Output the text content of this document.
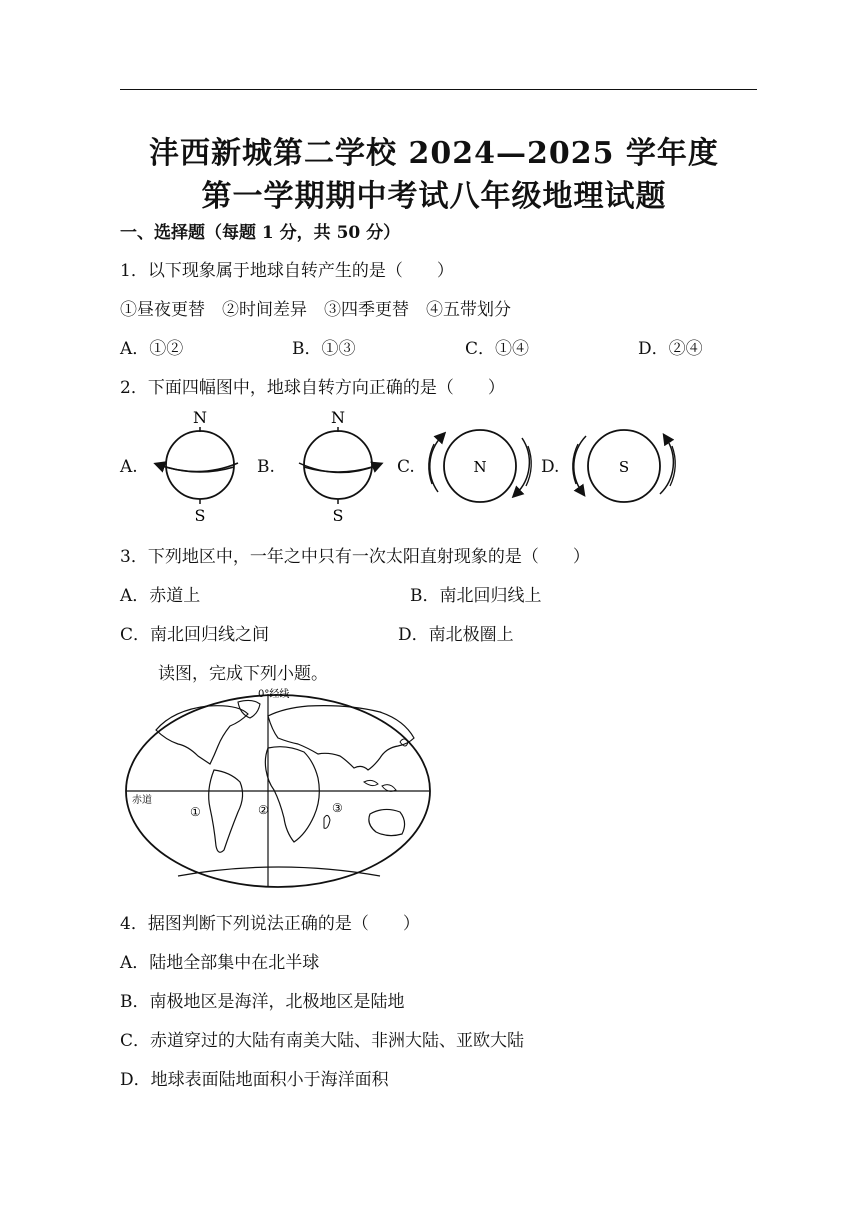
沣西新城第二学校 2024—2025 学年度
第一学期期中考试八年级地理试题
一、选择题（每题 1 分，共 50 分）
1．以下现象属于地球自转产生的是（　　）
①昼夜更替　②时间差异　③四季更替　④五带划分
A．①②	B．①③	C．①④	D．②④
2．下面四幅图中，地球自转方向正确的是（　　）
A.	B.	C.	D.
N
S
N
S
N	S
3．下列地区中，一年之中只有一次太阳直射现象的是（　　）
A．赤道上	B．南北回归线上
C．南北回归线之间	D．南北极圈上
读图，完成下列小题。
0°经线
赤道
①	②	③
4．据图判断下列说法正确的是（　　）
A．陆地全部集中在北半球
B．南极地区是海洋，北极地区是陆地
C．赤道穿过的大陆有南美大陆、非洲大陆、亚欧大陆
D．地球表面陆地面积小于海洋面积
